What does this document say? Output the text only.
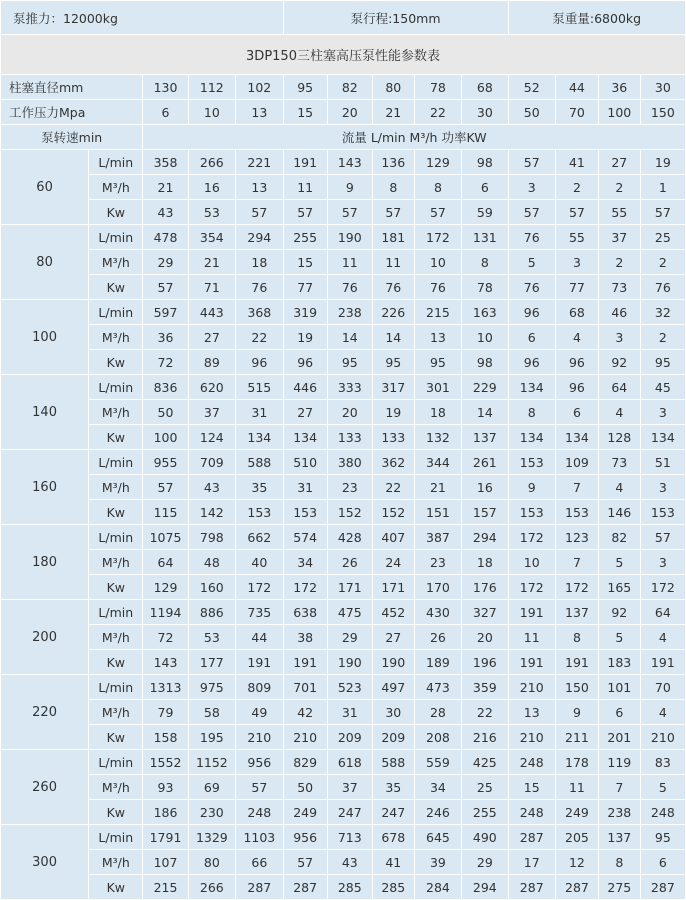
泵推力：12000kg					泵行程:150mm					泵重量:6800kg			
3DP150三柱塞高压泵性能参数表													
柱塞直径mm		130	112	102	95	82	80	78	68	52	44	36	30
工作压力Mpa		6	10	13	15	20	21	22	30	50	70	100	150
泵转速min		流量 L/min M³/h 功率KW											
60	L/min	358	266	221	191	143	136	129	98	57	41	27	19
	M³/h	21	16	13	11	9	8	8	6	3	2	2	1
	Kw	43	53	57	57	57	57	57	59	57	57	55	57
80	L/min	478	354	294	255	190	181	172	131	76	55	37	25
	M³/h	29	21	18	15	11	11	10	8	5	3	2	2
	Kw	57	71	76	77	76	76	76	78	76	77	73	76
100	L/min	597	443	368	319	238	226	215	163	96	68	46	32
	M³/h	36	27	22	19	14	14	13	10	6	4	3	2
	Kw	72	89	96	96	95	95	95	98	96	96	92	95
140	L/min	836	620	515	446	333	317	301	229	134	96	64	45
	M³/h	50	37	31	27	20	19	18	14	8	6	4	3
	Kw	100	124	134	134	133	133	132	137	134	134	128	134
160	L/min	955	709	588	510	380	362	344	261	153	109	73	51
	M³/h	57	43	35	31	23	22	21	16	9	7	4	3
	Kw	115	142	153	153	152	152	151	157	153	153	146	153
180	L/min	1075	798	662	574	428	407	387	294	172	123	82	57
	M³/h	64	48	40	34	26	24	23	18	10	7	5	3
	Kw	129	160	172	172	171	171	170	176	172	172	165	172
200	L/min	1194	886	735	638	475	452	430	327	191	137	92	64
	M³/h	72	53	44	38	29	27	26	20	11	8	5	4
	Kw	143	177	191	191	190	190	189	196	191	191	183	191
220	L/min	1313	975	809	701	523	497	473	359	210	150	101	70
	M³/h	79	58	49	42	31	30	28	22	13	9	6	4
	Kw	158	195	210	210	209	209	208	216	210	211	201	210
260	L/min	1552	1152	956	829	618	588	559	425	248	178	119	83
	M³/h	93	69	57	50	37	35	34	25	15	11	7	5
	Kw	186	230	248	249	247	247	246	255	248	249	238	248
300	L/min	1791	1329	1103	956	713	678	645	490	287	205	137	95
	M³/h	107	80	66	57	43	41	39	29	17	12	8	6
	Kw	215	266	287	287	285	285	284	294	287	287	275	287
